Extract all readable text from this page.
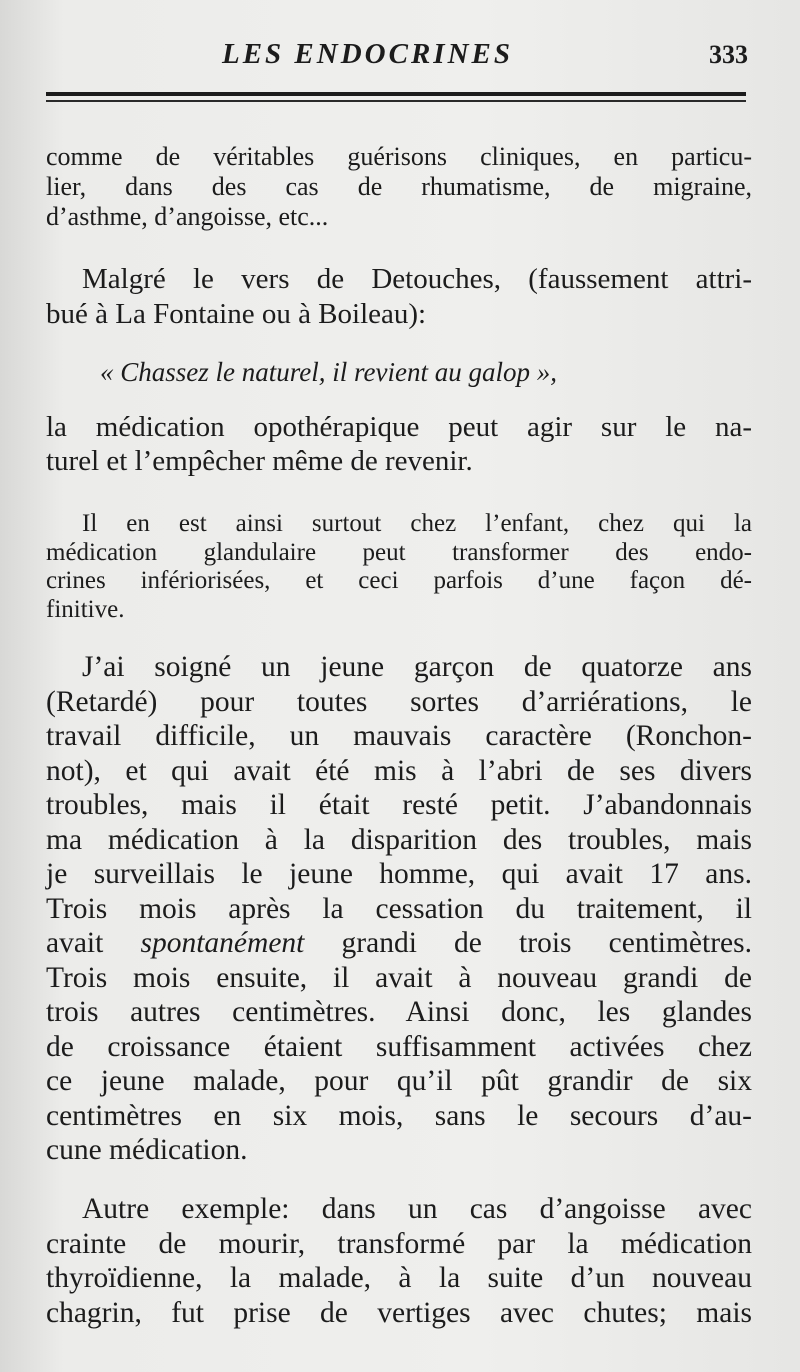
LES ENDOCRINES	333
comme de véritables guérisons cliniques, en particu-
lier, dans des cas de rhumatisme, de migraine,
d’asthme, d’angoisse, etc...
Malgré le vers de Detouches, (faussement attri-
bué à La Fontaine ou à Boileau):
« Chassez le naturel, il revient au galop »,
la médication opothérapique peut agir sur le na-
turel et l’empêcher même de revenir.
Il en est ainsi surtout chez l’enfant, chez qui la
médication glandulaire peut transformer des endo-
crines infériorisées, et ceci parfois d’une façon dé-
finitive.
J’ai soigné un jeune garçon de quatorze ans
(Retardé) pour toutes sortes d’arriérations, le
travail difficile, un mauvais caractère (Ronchon-
not), et qui avait été mis à l’abri de ses divers
troubles, mais il était resté petit. J’abandonnais
ma médication à la disparition des troubles, mais
je surveillais le jeune homme, qui avait 17 ans.
Trois mois après la cessation du traitement, il
avait spontanément grandi de trois centimètres.
Trois mois ensuite, il avait à nouveau grandi de
trois autres centimètres. Ainsi donc, les glandes
de croissance étaient suffisamment activées chez
ce jeune malade, pour qu’il pût grandir de six
centimètres en six mois, sans le secours d’au-
cune médication.
Autre exemple: dans un cas d’angoisse avec
crainte de mourir, transformé par la médication
thyroïdienne, la malade, à la suite d’un nouveau
chagrin, fut prise de vertiges avec chutes; mais
